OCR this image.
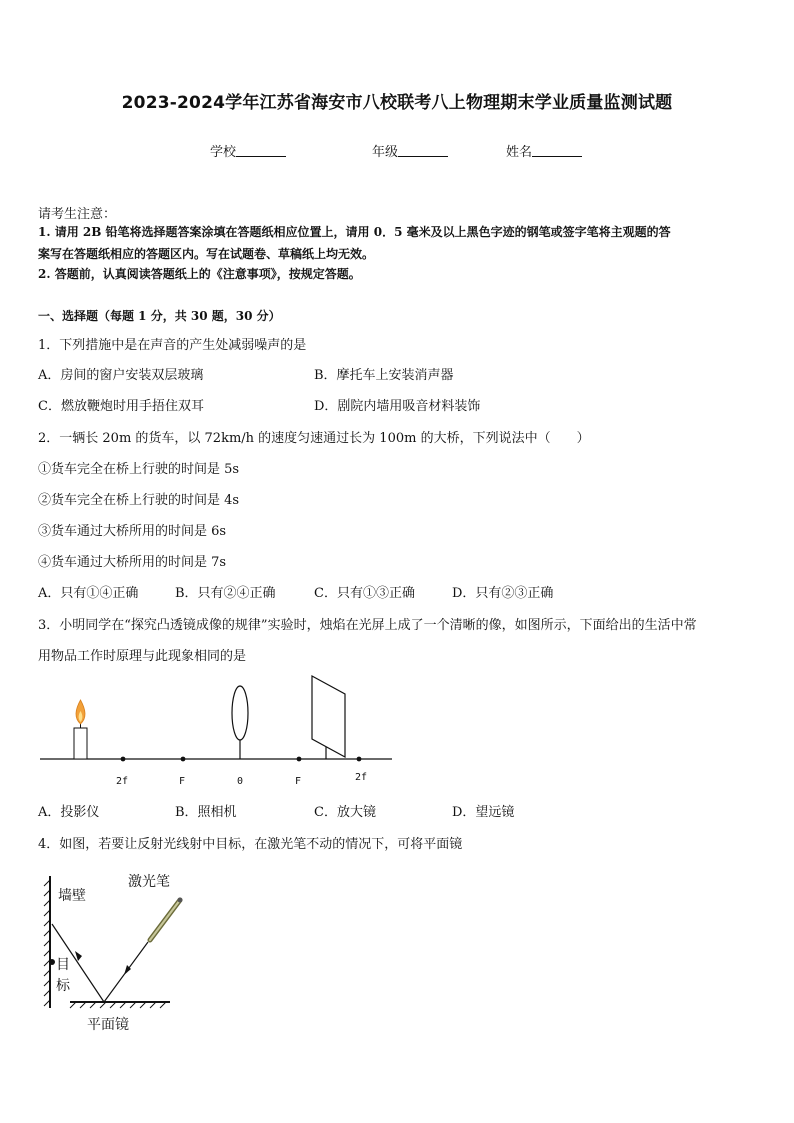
2023-2024学年江苏省海安市八校联考八上物理期末学业质量监测试题
学校	年级	姓名
请考生注意：
1. 请用 2B 铅笔将选择题答案涂填在答题纸相应位置上，请用 0．5 毫米及以上黑色字迹的钢笔或签字笔将主观题的答
案写在答题纸相应的答题区内。写在试题卷、草稿纸上均无效。
2. 答题前，认真阅读答题纸上的《注意事项》，按规定答题。
一、选择题（每题 1 分，共 30 题，30 分）
1．下列措施中是在声音的产生处减弱噪声的是
A．房间的窗户安装双层玻璃	B．摩托车上安装消声器
C．燃放鞭炮时用手捂住双耳	D．剧院内墙用吸音材料装饰
2．一辆长 20m 的货车，以 72km/h 的速度匀速通过长为 100m 的大桥，下列说法中（　　）
①货车完全在桥上行驶的时间是 5s
②货车完全在桥上行驶的时间是 4s
③货车通过大桥所用的时间是 6s
④货车通过大桥所用的时间是 7s
A．只有①④正确	B．只有②④正确	C．只有①③正确	D．只有②③正确
3．小明同学在“探究凸透镜成像的规律”实验时，烛焰在光屏上成了一个清晰的像，如图所示，下面给出的生活中常
用物品工作时原理与此现象相同的是
2f	F	0	F	2f
A．投影仪	B．照相机	C．放大镜	D．望远镜
4．如图，若要让反射光线射中目标，在激光笔不动的情况下，可将平面镜
墙壁
激光笔
目
标
平面镜
